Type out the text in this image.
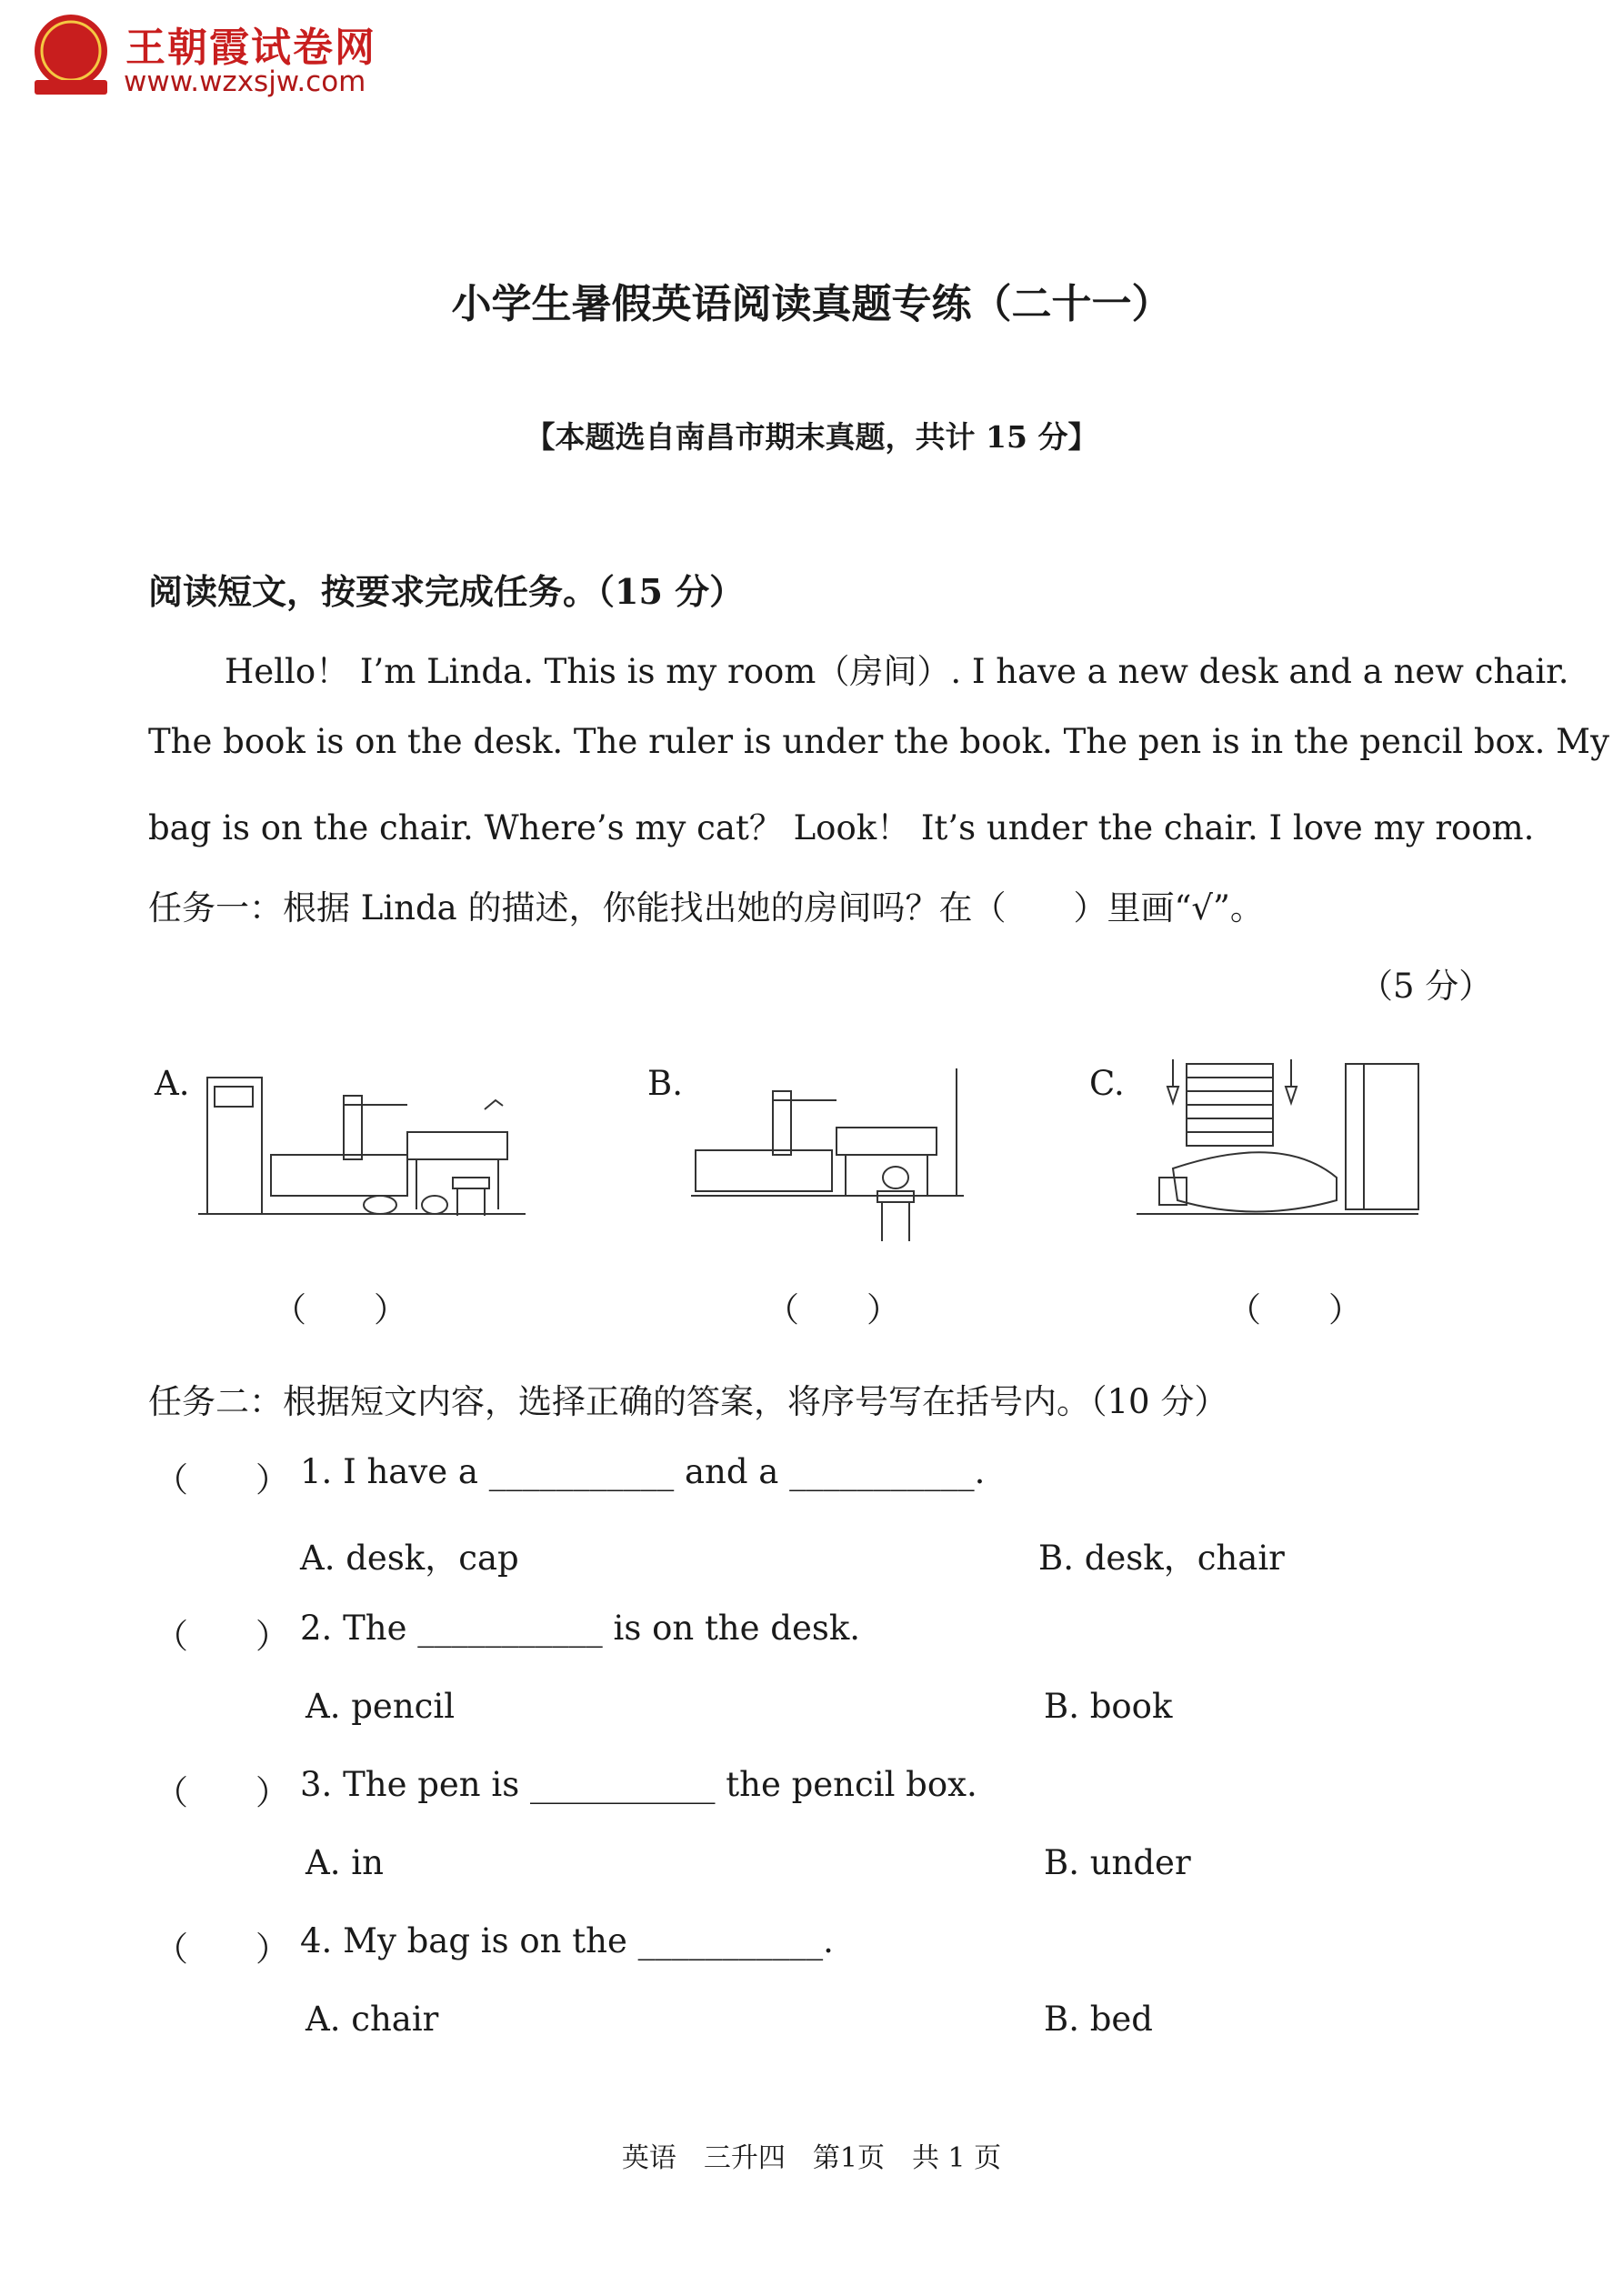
王朝霞试卷网
www.wzxsjw.com
小学生暑假英语阅读真题专练（二十一）
【本题选自南昌市期末真题，共计 15 分】
阅读短文，按要求完成任务。（15 分）
Hello！ I’m Linda. This is my room（房间）. I have a new desk and a new chair.
The book is on the desk. The ruler is under the book. The pen is in the pencil box. My
bag is on the chair. Where’s my cat？ Look！ It’s under the chair. I love my room.
任务一：根据 Linda 的描述，你能找出她的房间吗？在（　　）里画“√”。
（5 分）
A.
（　　）
B.
（　　）
C.
（　　）
任务二：根据短文内容，选择正确的答案，将序号写在括号内。（10 分）
（　　） 1. I have a ___________ and a ___________.
A. desk，cap	B. desk，chair
（　　） 2. The ___________ is on the desk.
A. pencil	B. book
（　　） 3. The pen is ___________ the pencil box.
A. in	B. under
（　　） 4. My bag is on the ___________.
A. chair	B. bed
英语　三升四　第1页　共 1 页
